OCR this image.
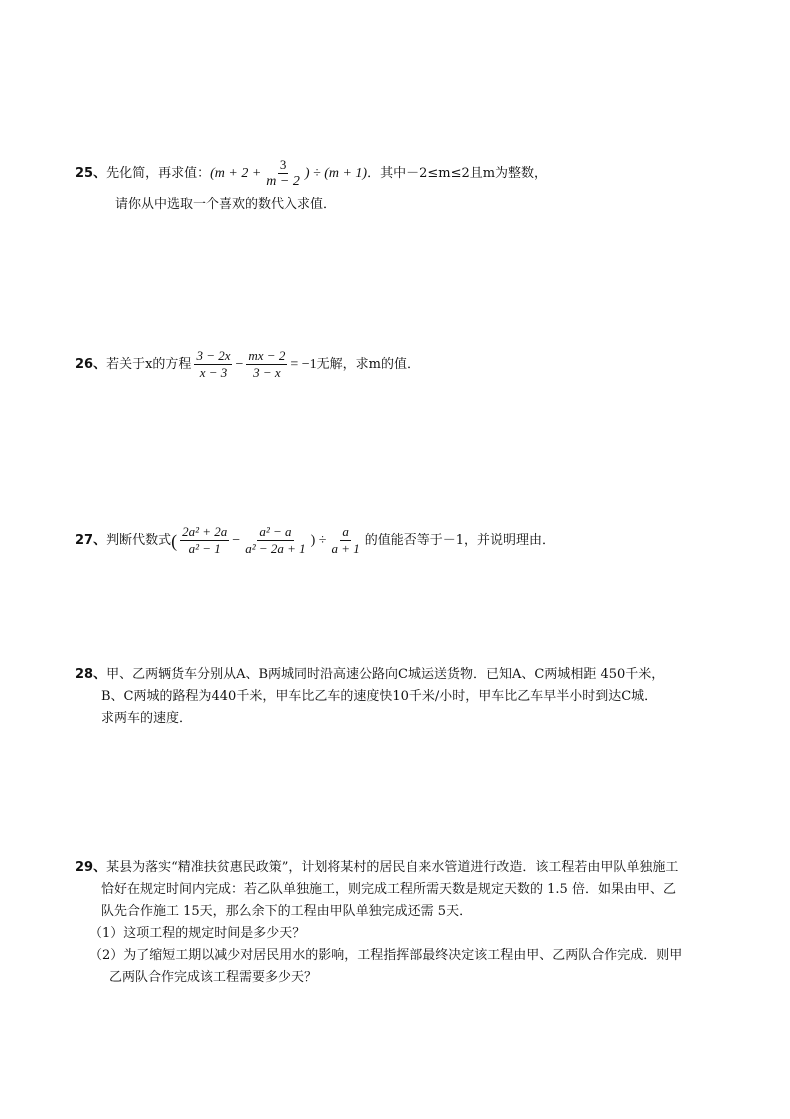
25、 先化简，再求值： ($m + 2 + \frac{3}{m - 2}$ ) ÷ (m + 1) ．其中－2≤m≤2且m为整数，
请你从中选取一个喜欢的数代入求值．
26、 若关于x的方程 $\frac{3 - 2x}{x - 3} - \frac{mx - 2}{3 - x} = -1$ 无解，求m的值．
27、 判断代数式 ( $\frac{\text{2a² + 2a}}{\text{a² − 1}} - \frac{\text{a² − a}}{\text{a² − 2a + 1}}$ ) ÷ $\frac{a}{a + 1}$ 的值能否等于－1，并说明理由．
28、 甲、乙两辆货车分别从A、B两城同时沿高速公路向C城运送货物．已知A、C两城相距 450千米，
B、C两城的路程为440千米，甲车比乙车的速度快10千米/小时，甲车比乙车早半小时到达C城．
求两车的速度．
29、 某县为落实“精准扶贫惠民政策”，计划将某村的居民自来水管道进行改造．该工程若由甲队单独施工
恰好在规定时间内完成：若乙队单独施工，则完成工程所需天数是规定天数的 1.5 倍．如果由甲、乙
队先合作施工 15天，那么余下的工程由甲队单独完成还需 5天．
（1）这项工程的规定时间是多少天？
（2）为了缩短工期以减少对居民用水的影响，工程指挥部最终决定该工程由甲、乙两队合作完成．则甲
乙两队合作完成该工程需要多少天？
